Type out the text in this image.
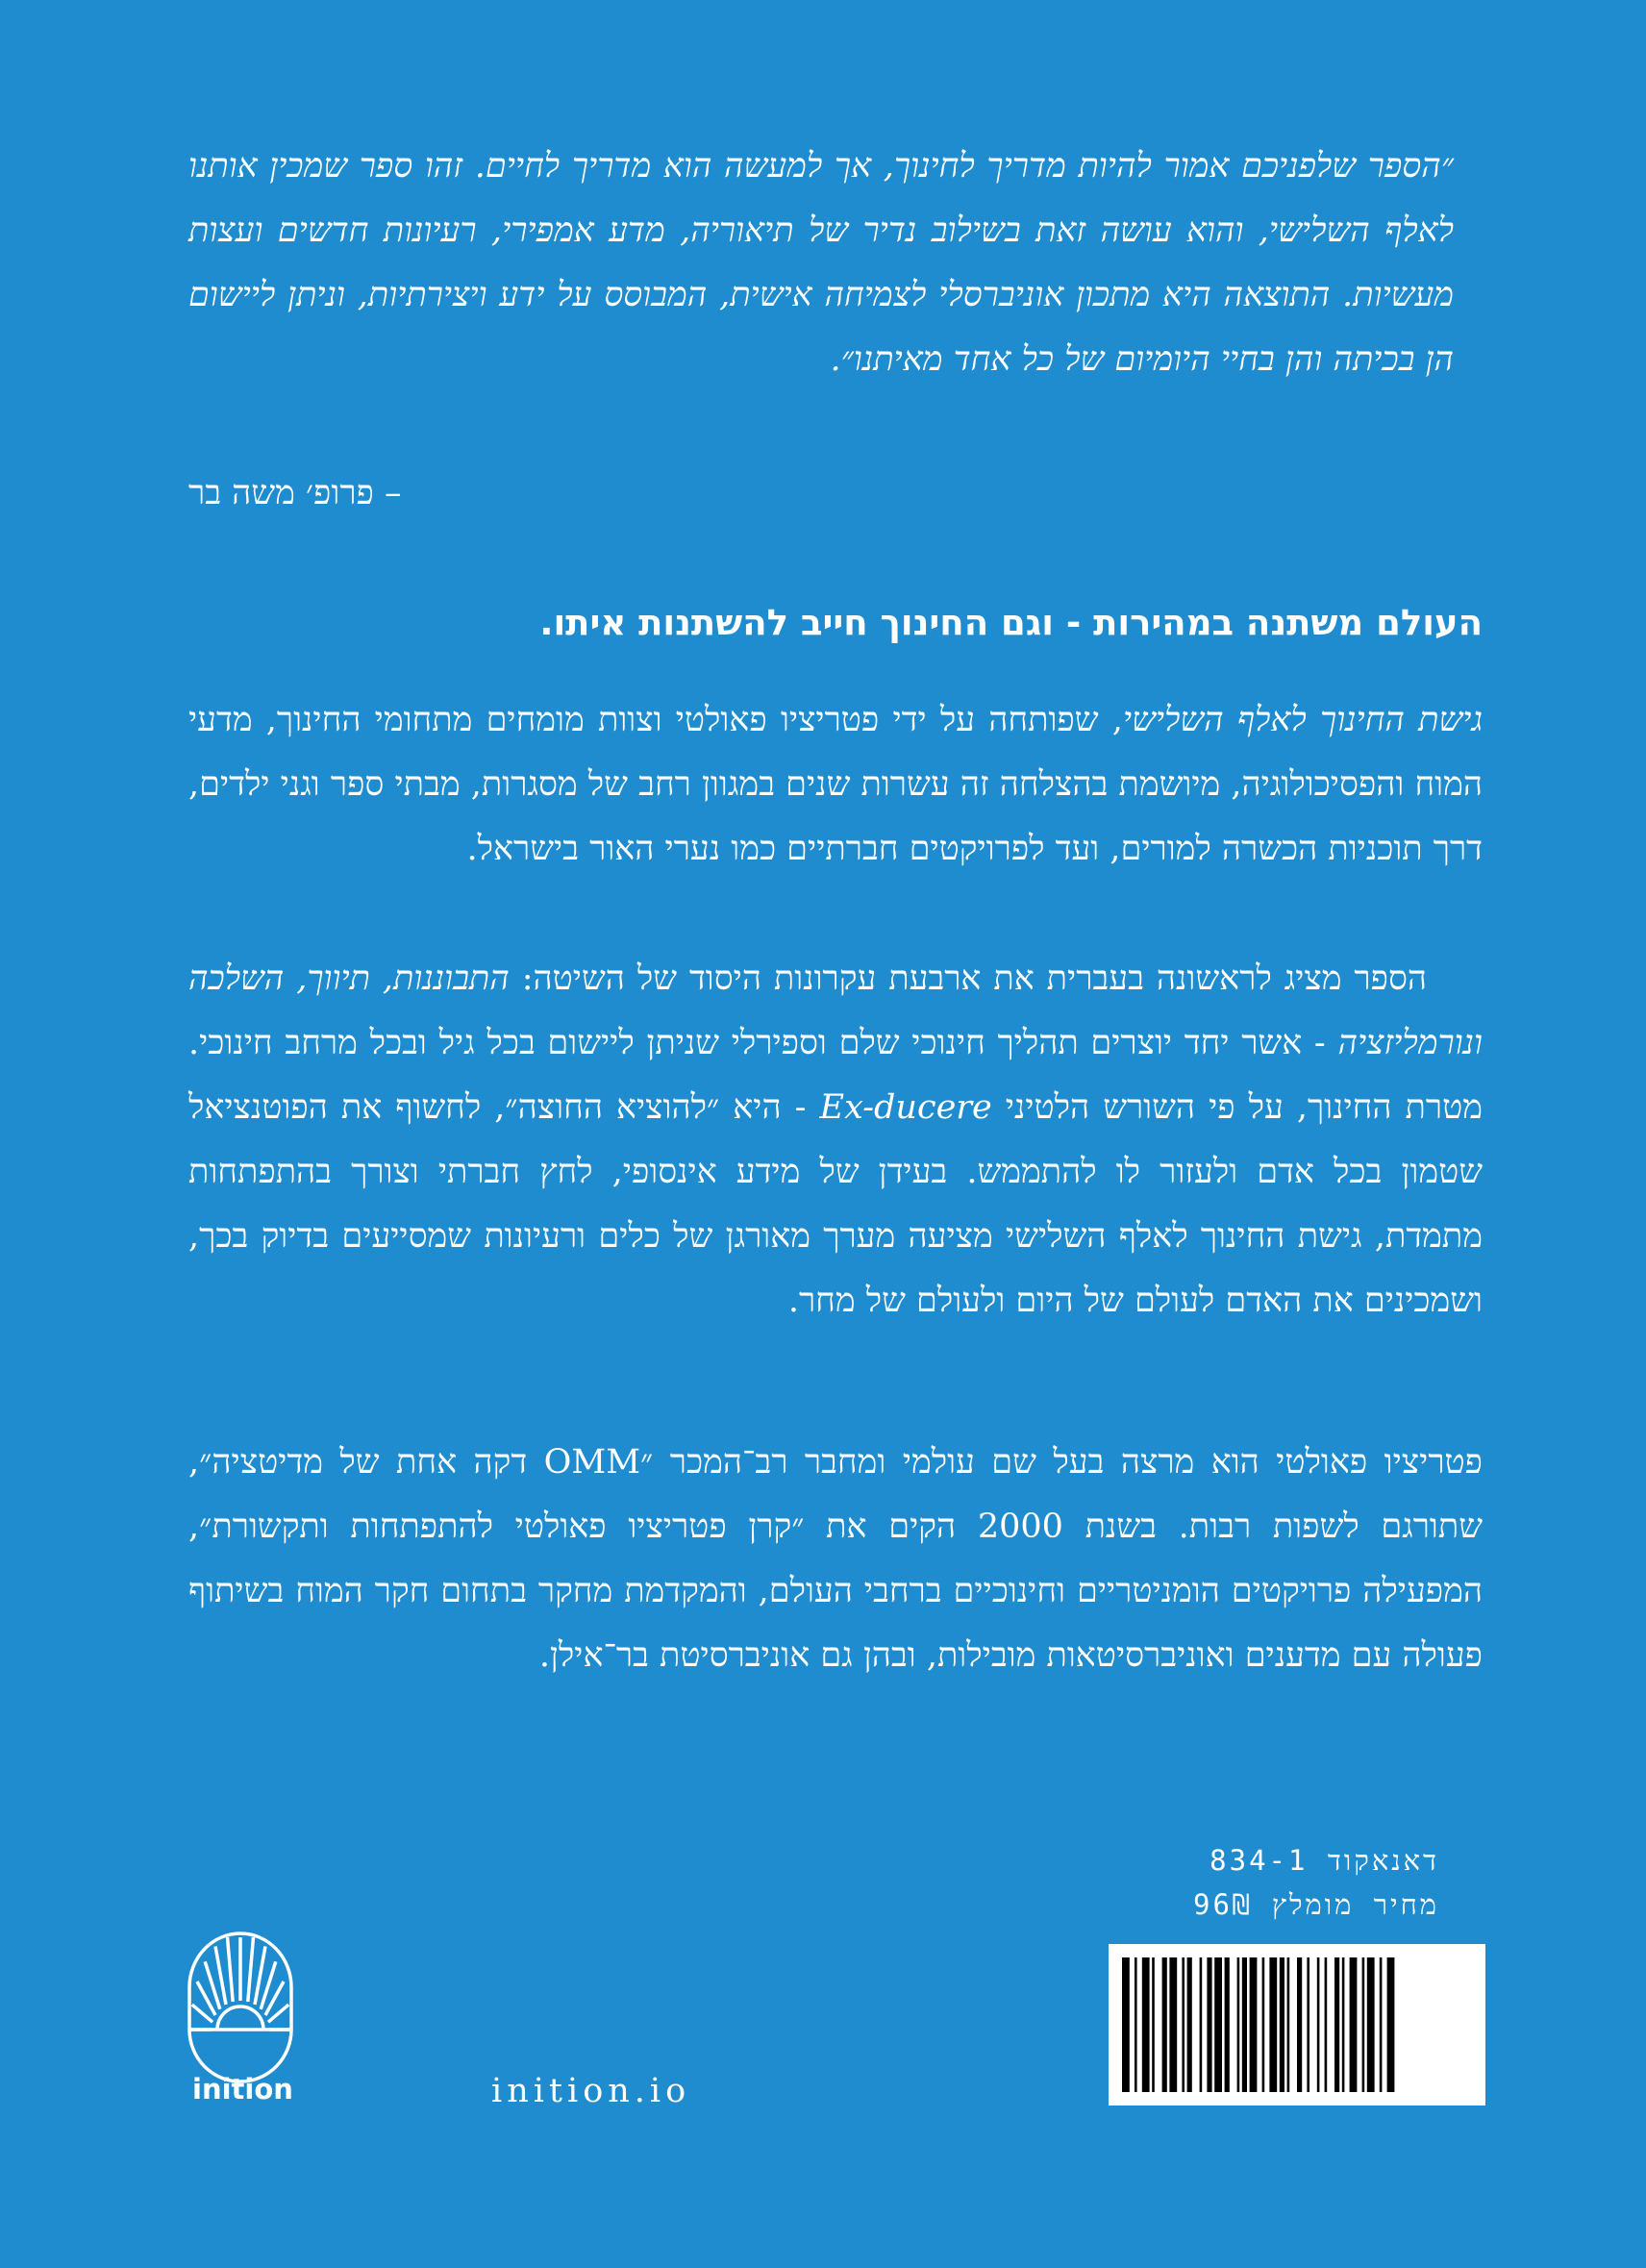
״הספר שלפניכם אמור להיות מדריך לחינוך, אך למעשה הוא מדריך לחיים. זהו ספר שמכין אותנו לאלף השלישי, והוא עושה זאת בשילוב נדיר של תיאוריה, מדע אמפירי, רעיונות חדשים ועצות מעשיות. התוצאה היא מתכון אוניברסלי לצמיחה אישית, המבוסס על ידע ויצירתיות, וניתן ליישום הן בכיתה והן בחיי היומיום של כל אחד מאיתנו״.
– פרופ׳ משה בר
העולם משתנה במהירות - וגם החינוך חייב להשתנות איתו.
גישת החינוך לאלף השלישי, שפותחה על ידי פטריציו פאולטי וצוות מומחים מתחומי החינוך, מדעי המוח והפסיכולוגיה, מיושמת בהצלחה זה עשרות שנים במגוון רחב של מסגרות, מבתי ספר וגני ילדים, דרך תוכניות הכשרה למורים, ועד לפרויקטים חברתיים כמו נערי האור בישראל.
הספר מציג לראשונה בעברית את ארבעת עקרונות היסוד של השיטה: התבוננות, תיווך, השלכה ונורמליזציה - אשר יחד יוצרים תהליך חינוכי שלם וספירלי שניתן ליישום בכל גיל ובכל מרחב חינוכי. מטרת החינוך, על פי השורש הלטיני Ex-ducere - היא ״להוציא החוצה״, לחשוף את הפוטנציאל שטמון בכל אדם ולעזור לו להתממש. בעידן של מידע אינסופי, לחץ חברתי וצורך בהתפתחות מתמדת, גישת החינוך לאלף השלישי מציעה מערך מאורגן של כלים ורעיונות שמסייעים בדיוק בכך, ושמכינים את האדם לעולם של היום ולעולם של מחר.
פטריציו פאולטי הוא מרצה בעל שם עולמי ומחבר רב־המכר ״OMM דקה אחת של מדיטציה״, שתורגם לשפות רבות. בשנת 2000 הקים את ״קרן פטריציו פאולטי להתפתחות ותקשורת״, המפעילה פרויקטים הומניטריים וחינוכיים ברחבי העולם, והמקדמת מחקר בתחום חקר המוח בשיתוף פעולה עם מדענים ואוניברסיטאות מובילות, ובהן גם אוניברסיטת בר־אילן.
דאנאקוד 834-1
מחיר מומלץ 96₪
inition	inition.io
